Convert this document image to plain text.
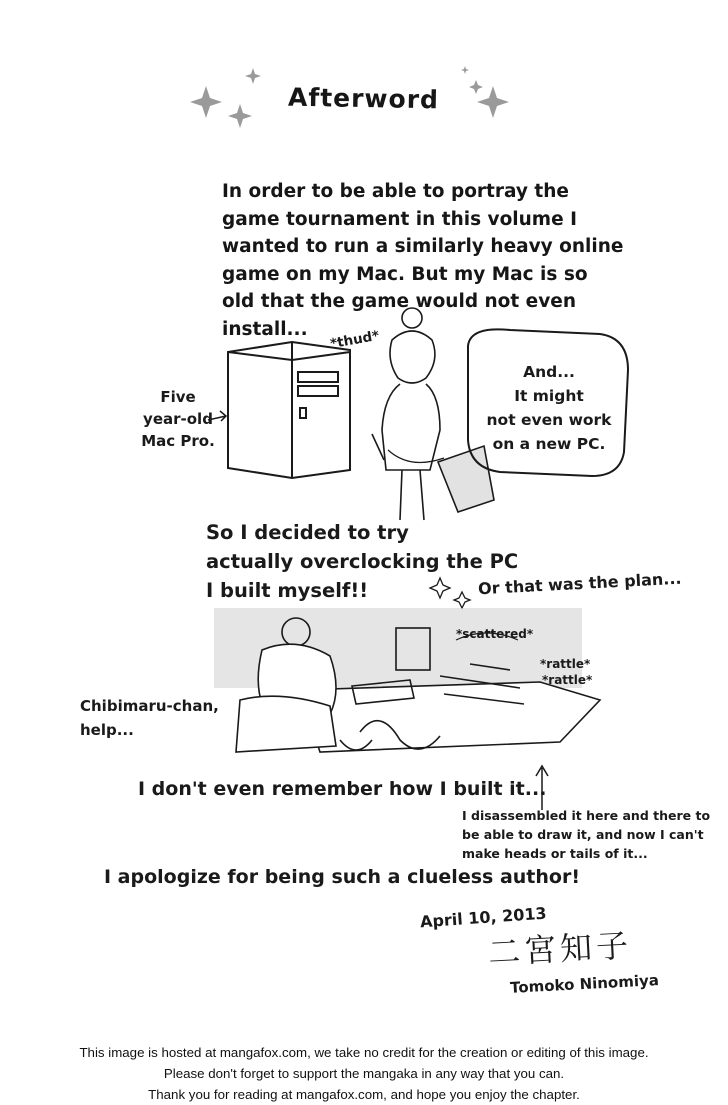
Afterword
In order to be able to portray the
game tournament in this volume I
wanted to run a similarly heavy online
game on my Mac. But my Mac is so
old that the game would not even
install...	*thud*
Five
year-old
Mac Pro.
And...
It might
not even work
on a new PC.
So I decided to try
actually overclocking the PC
I built myself!!	Or that was the plan...
*scattered*
*rattle*
*rattle*
Chibimaru-chan,
help...
I don't even remember how I built it...
I disassembled it here and there to
be able to draw it, and now I can't
make heads or tails of it...
I apologize for being such a clueless author!
April 10, 2013
二宮知子
Tomoko Ninomiya
This image is hosted at mangafox.com, we take no credit for the creation or editing of this image.
Please don't forget to support the mangaka in any way that you can.
Thank you for reading at mangafox.com, and hope you enjoy the chapter.
